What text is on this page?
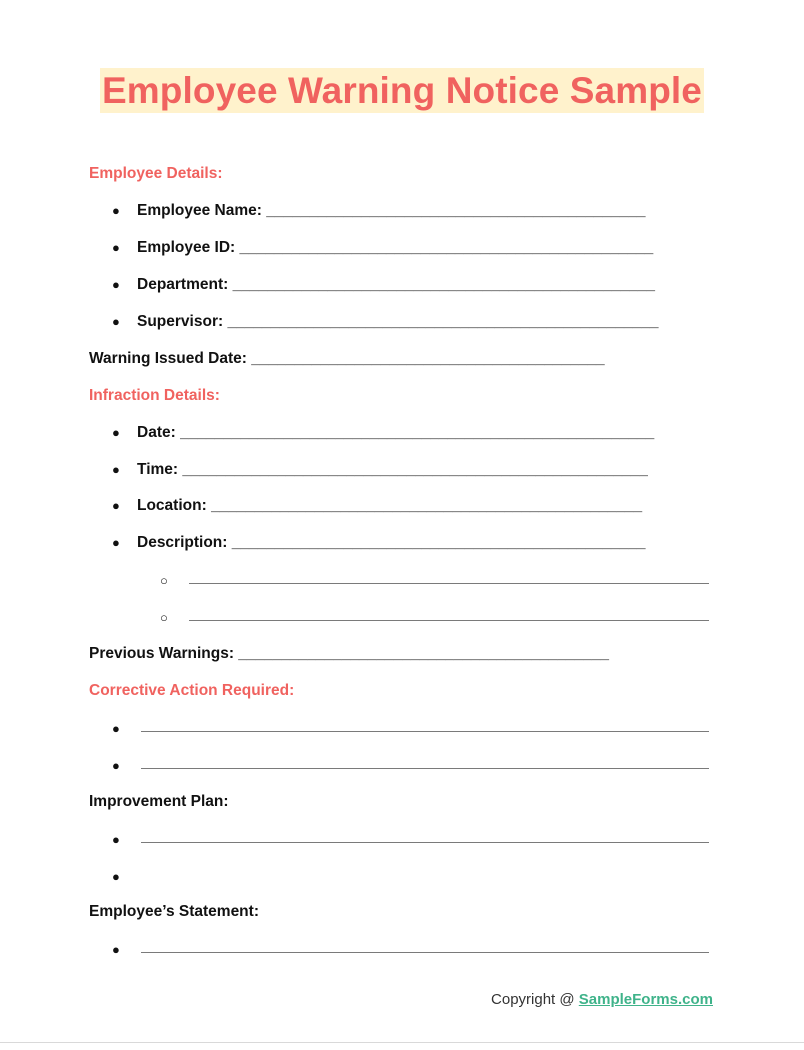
Employee Warning Notice Sample
Employee Details:
● Employee Name: ____________________________________________
● Employee ID: ________________________________________________
● Department: _________________________________________________
● Supervisor: __________________________________________________
Warning Issued Date: _________________________________________
Infraction Details:
● Date: _______________________________________________________
● Time: ______________________________________________________
● Location: __________________________________________________
● Description: ________________________________________________
○
○
Previous Warnings: ___________________________________________
Corrective Action Required:
●
●
Improvement Plan:
●
●
Employee’s Statement:
●
Copyright @ SampleForms.com
